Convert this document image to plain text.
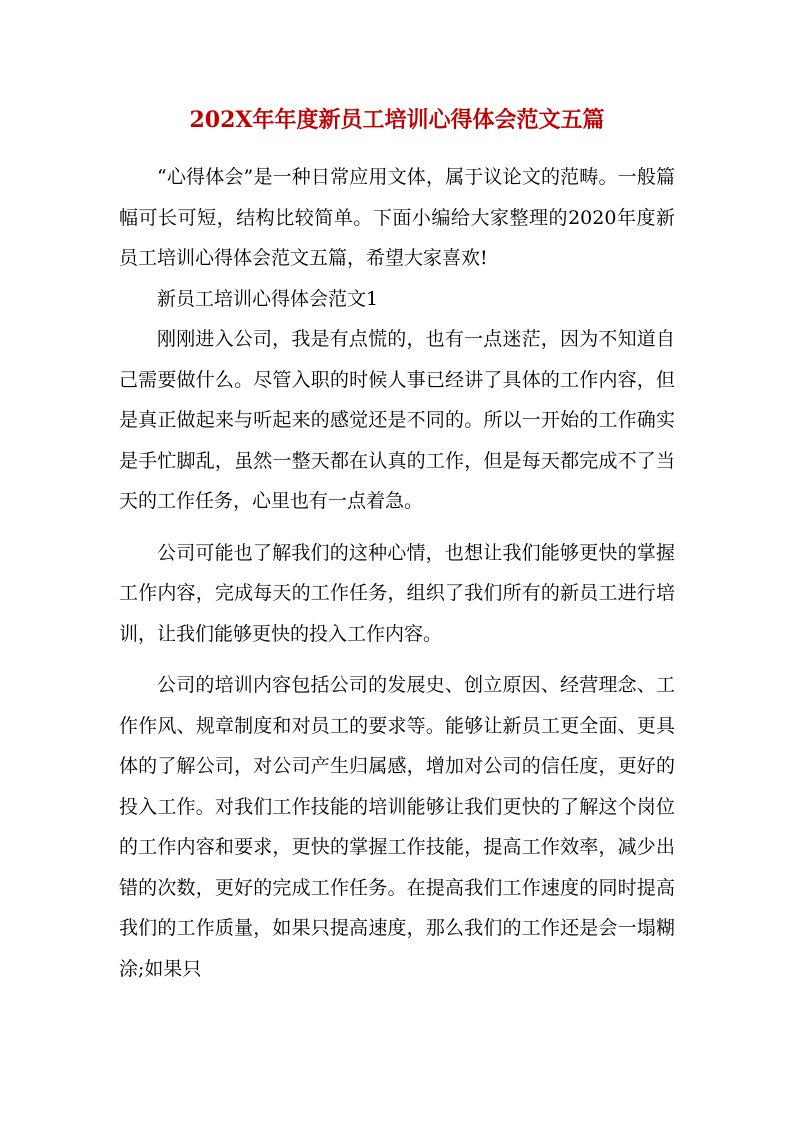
202X年年度新员工培训心得体会范文五篇

“心得体会”是一种日常应用文体，属于议论文的范畴。一般篇幅可长可短，结构比较简单。下面小编给大家整理的2020年度新员工培训心得体会范文五篇，希望大家喜欢!

新员工培训心得体会范文1

刚刚进入公司，我是有点慌的，也有一点迷茫，因为不知道自己需要做什么。尽管入职的时候人事已经讲了具体的工作内容，但是真正做起来与听起来的感觉还是不同的。所以一开始的工作确实是手忙脚乱，虽然一整天都在认真的工作，但是每天都完成不了当天的工作任务，心里也有一点着急。

公司可能也了解我们的这种心情，也想让我们能够更快的掌握工作内容，完成每天的工作任务，组织了我们所有的新员工进行培训，让我们能够更快的投入工作内容。

公司的培训内容包括公司的发展史、创立原因、经营理念、工作作风、规章制度和对员工的要求等。能够让新员工更全面、更具体的了解公司，对公司产生归属感，增加对公司的信任度，更好的投入工作。对我们工作技能的培训能够让我们更快的了解这个岗位的工作内容和要求，更快的掌握工作技能，提高工作效率，减少出错的次数，更好的完成工作任务。在提高我们工作速度的同时提高我们的工作质量，如果只提高速度，那么我们的工作还是会一塌糊涂;如果只
